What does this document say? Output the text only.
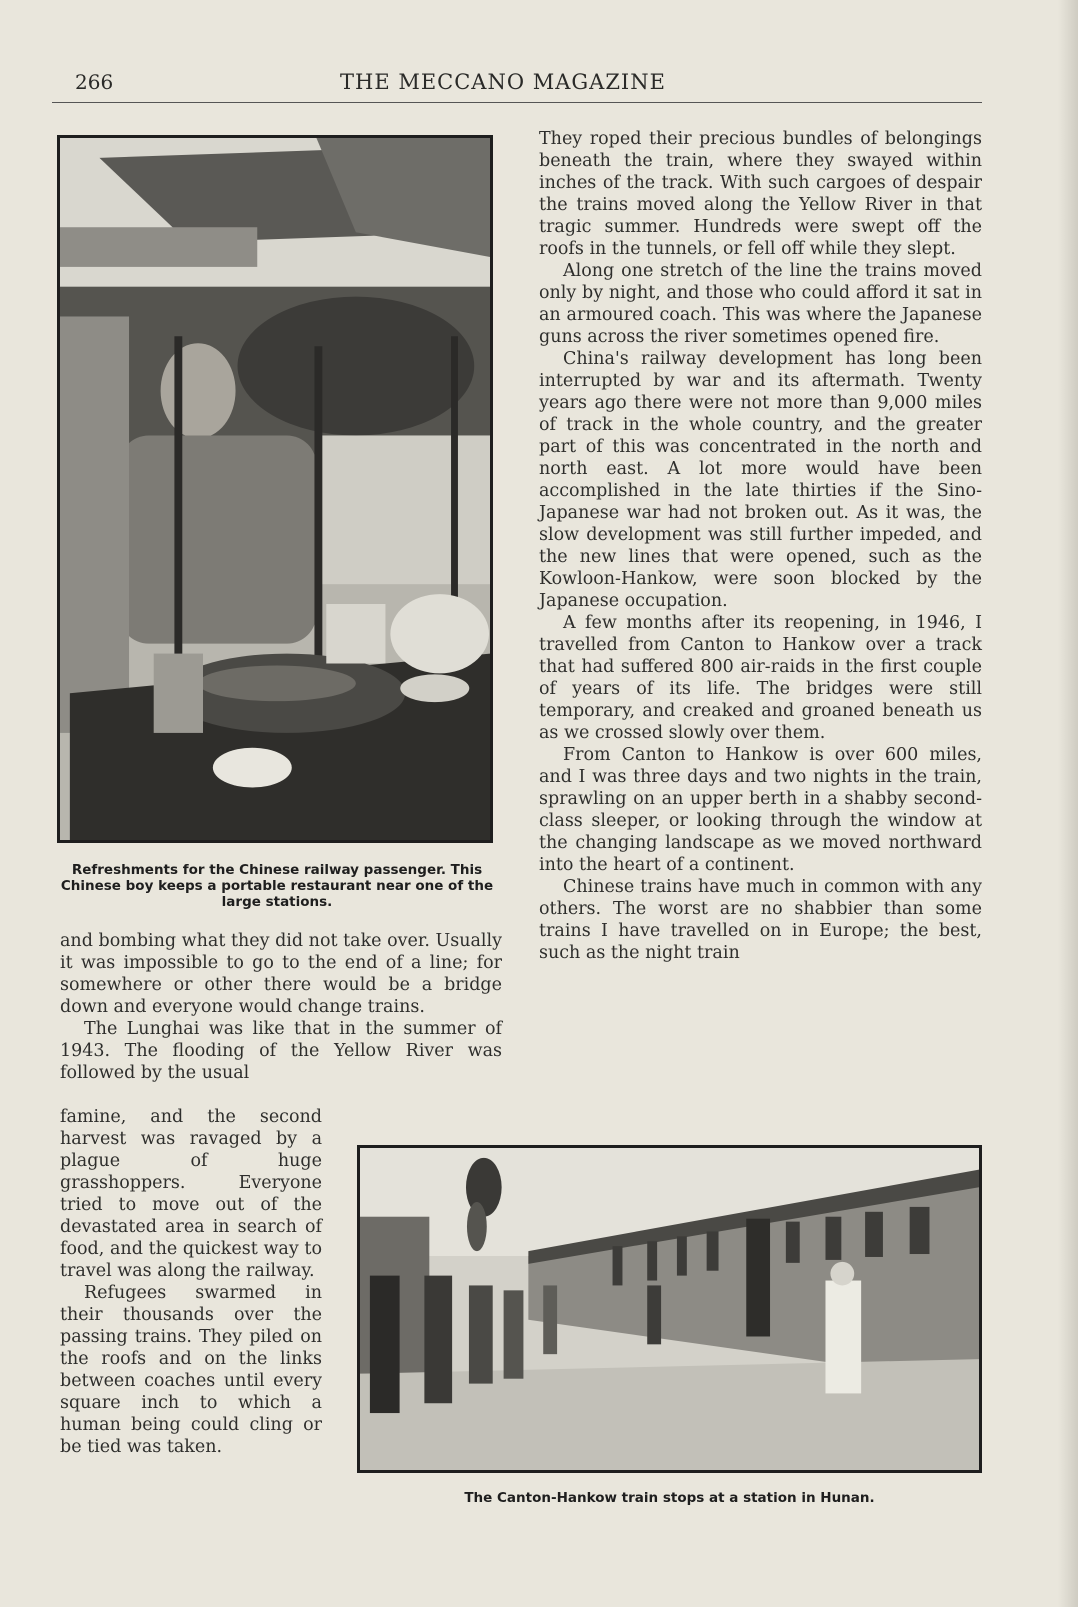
266	THE MECCANO MAGAZINE
Refreshments for the Chinese railway passenger. This Chinese boy keeps a portable restaurant near one of the large stations.

and bombing what they did not take over. Usually it was impossible to go to the end of a line; for somewhere or other there would be a bridge down and everyone would change trains.

The Lunghai was like that in the summer of 1943. The flooding of the Yellow River was followed by the usual

famine, and the second harvest was ravaged by a plague of huge grasshoppers. Everyone tried to move out of the devastated area in search of food, and the quickest way to travel was along the railway.

Refugees swarmed in their thousands over the passing trains. They piled on the roofs and on the links between coaches until every square inch to which a human being could cling or be tied was taken.

They roped their precious bundles of belongings beneath the train, where they swayed within inches of the track. With such cargoes of despair the trains moved along the Yellow River in that tragic summer. Hundreds were swept off the roofs in the tunnels, or fell off while they slept.

Along one stretch of the line the trains moved only by night, and those who could afford it sat in an armoured coach. This was where the Japanese guns across the river sometimes opened fire.

China's railway development has long been interrupted by war and its aftermath. Twenty years ago there were not more than 9,000 miles of track in the whole country, and the greater part of this was concentrated in the north and north east. A lot more would have been accomplished in the late thirties if the Sino-Japanese war had not broken out. As it was, the slow development was still further impeded, and the new lines that were opened, such as the Kowloon-Hankow, were soon blocked by the Japanese occupation.

A few months after its reopening, in 1946, I travelled from Canton to Hankow over a track that had suffered 800 air-raids in the first couple of years of its life. The bridges were still temporary, and creaked and groaned beneath us as we crossed slowly over them.

From Canton to Hankow is over 600 miles, and I was three days and two nights in the train, sprawling on an upper berth in a shabby second-class sleeper, or looking through the window at the changing landscape as we moved northward into the heart of a continent.

Chinese trains have much in common with any others. The worst are no shabbier than some trains I have travelled on in Europe; the best, such as the night train

The Canton-Hankow train stops at a station in Hunan.
